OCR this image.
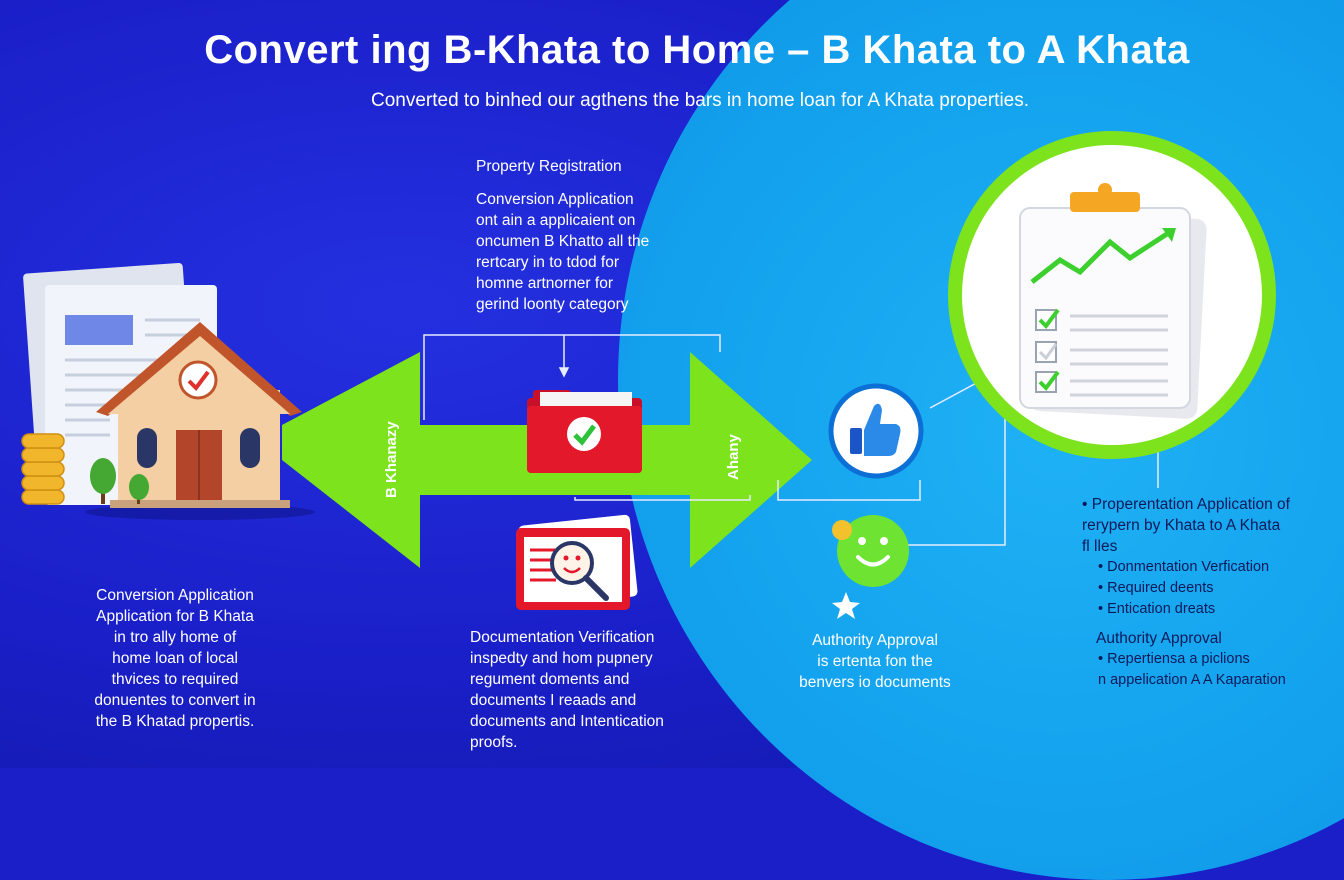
B Khanazy	Ahany
Convert ing B-Khata to Home – B Khata to A Khata
Converted to binhed our agthens the bars in home loan for A Khata properties.
Property Registration
Conversion Application
ont ain a applicaient on
oncumen B Khatto all the
rertcary in to tdod for
homne artnorner for
gerind loonty category
Conversion Application
Application for B Khata
in tro ally home of
home loan of local
thvices to required
donuentes to convert in
the B Khatad propertis.
Documentation Verification
inspedty and hom pupnery
regument doments and
documents I reaads and
documents and Intentication
proofs.
Authority Approval
is ertenta fon the
benvers io documents
• Properentation Application of
rerypern by Khata to A Khata
fl lles
• Donmentation Verfication
• Required deents
• Entication dreats
Authority Approval
• Repertiensa a piclions
n appelication A A Kaparation
